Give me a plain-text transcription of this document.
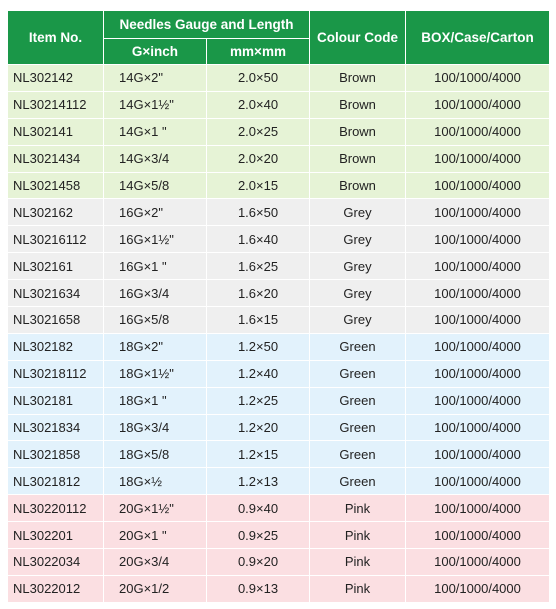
Item No.	Needles Gauge and Length		Colour Code	BOX/Case/Carton
	G×inch	mm×mm		
NL302142	14G×2"	2.0×50	Brown	100/1000/4000
NL30214112	14G×1½"	2.0×40	Brown	100/1000/4000
NL302141	14G×1 "	2.0×25	Brown	100/1000/4000
NL3021434	14G×3/4	2.0×20	Brown	100/1000/4000
NL3021458	14G×5/8	2.0×15	Brown	100/1000/4000
NL302162	16G×2"	1.6×50	Grey	100/1000/4000
NL30216112	16G×1½"	1.6×40	Grey	100/1000/4000
NL302161	16G×1 "	1.6×25	Grey	100/1000/4000
NL3021634	16G×3/4	1.6×20	Grey	100/1000/4000
NL3021658	16G×5/8	1.6×15	Grey	100/1000/4000
NL302182	18G×2"	1.2×50	Green	100/1000/4000
NL30218112	18G×1½"	1.2×40	Green	100/1000/4000
NL302181	18G×1 "	1.2×25	Green	100/1000/4000
NL3021834	18G×3/4	1.2×20	Green	100/1000/4000
NL3021858	18G×5/8	1.2×15	Green	100/1000/4000
NL3021812	18G×½	1.2×13	Green	100/1000/4000
NL30220112	20G×1½"	0.9×40	Pink	100/1000/4000
NL302201	20G×1 "	0.9×25	Pink	100/1000/4000
NL3022034	20G×3/4	0.9×20	Pink	100/1000/4000
NL3022012	20G×1/2	0.9×13	Pink	100/1000/4000
